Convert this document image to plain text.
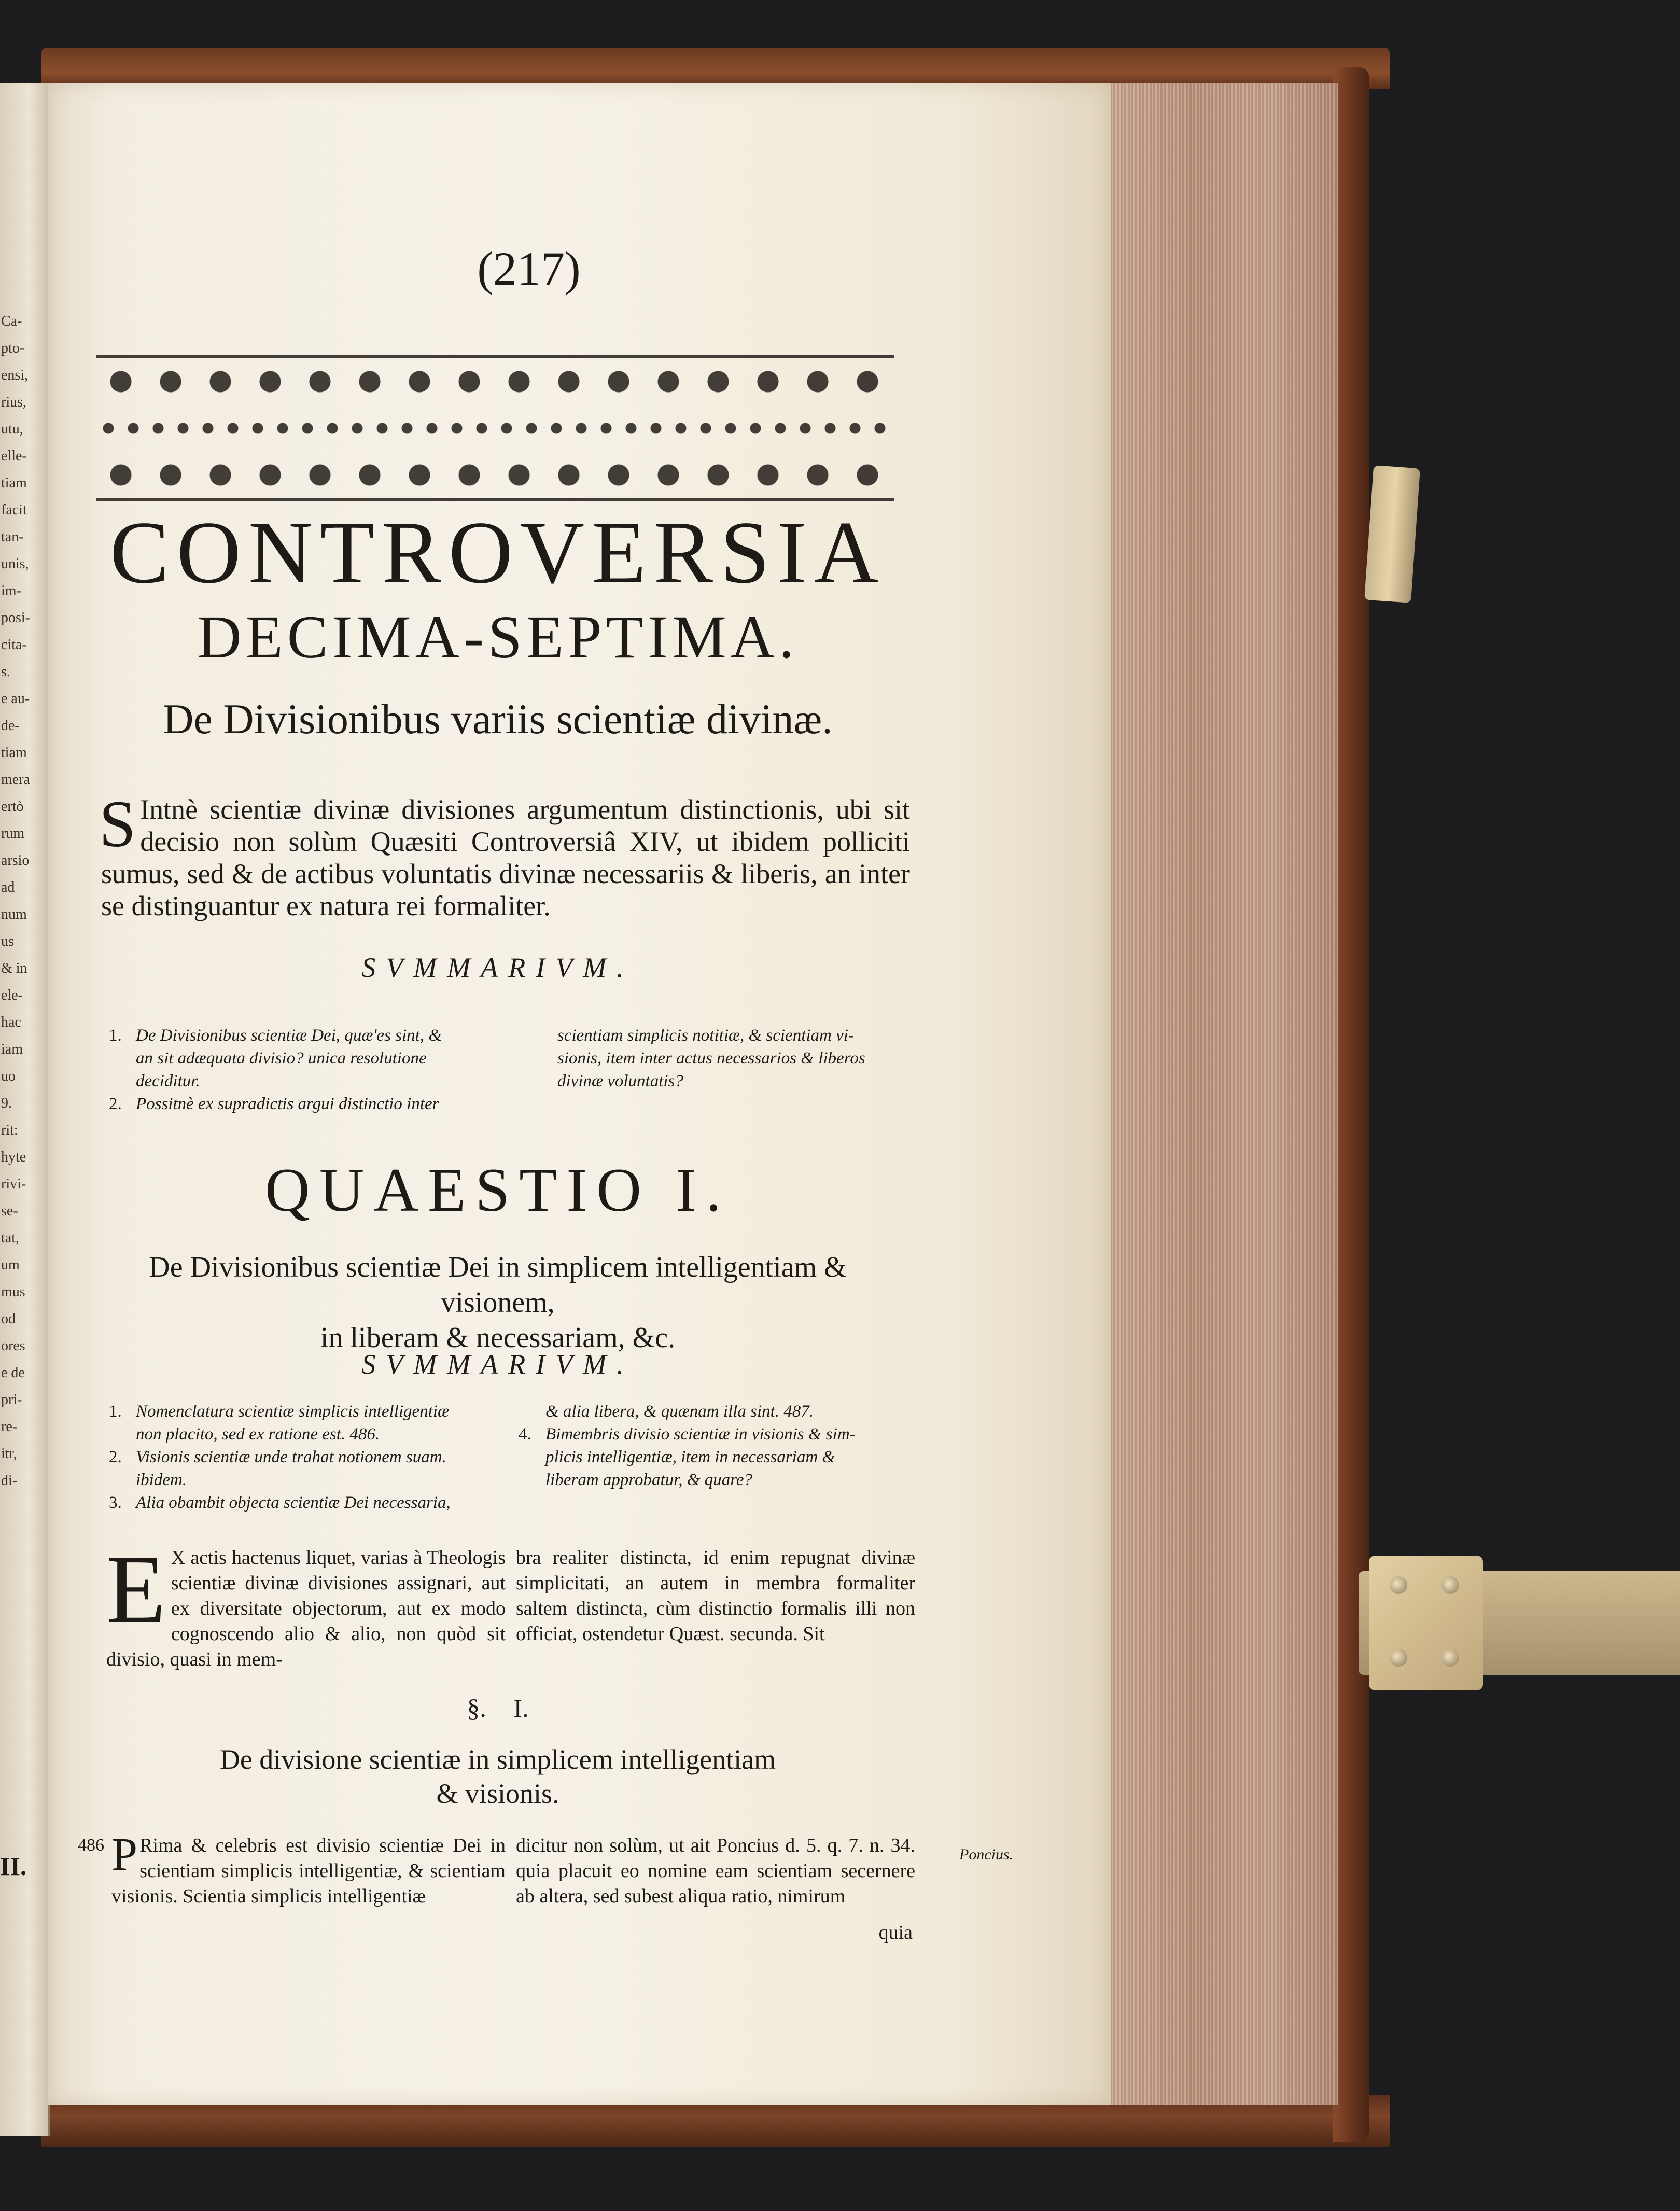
Ca-
pto-
ensi,
rius,
utu,
elle-
tiam
facit
tan-
unis,
im-
posi-
cita-
s.
e au-
de-
tiam
mera
ertò
rum
arsio
ad
num
us
& in
ele-
hac
iam
uo
9.
rit:
hyte
rivi-
se-
tat,
um
mus
od
ores
e de
pri-
re-
itr,
di-
II.
(217)
CONTROVERSIA
DECIMA-SEPTIMA.
De Divisionibus variis scientiæ divinæ.
S Intnè scientiæ divinæ divisiones argumentum distinctionis, ubi sit decisio non solùm Quæsiti Controversiâ XIV, ut ibidem polliciti sumus, sed & de actibus voluntatis divinæ necessariis & liberis, an inter se distinguantur ex natura rei formaliter.
SVMMARIVM.

1. De Divisionibus scientiæ Dei, quæ'es sint, &

an sit adæquata divisio? unica resolutione

deciditur.

2. Possitnè ex supradictis argui distinctio inter

scientiam simplicis notitiæ, & scientiam vi-

sionis, item inter actus necessarios & liberos

divinæ voluntatis?

QUAESTIO I.
De Divisionibus scientiæ Dei in simplicem intelligentiam & visionem,
in liberam & necessariam, &c.
SVMMARIVM.

1. Nomenclatura scientiæ simplicis intelligentiæ

non placito, sed ex ratione est. 486.

2. Visionis scientiæ unde trahat notionem suam.

ibidem.

3. Alia obambit objecta scientiæ Dei necessaria,

& alia libera, & quænam illa sint. 487.

4. Bimembris divisio scientiæ in visionis & sim-

plicis intelligentiæ, item in necessariam &

liberam approbatur, & quare?

E X actis hactenus liquet, varias à Theologis scientiæ divinæ divisiones assignari, aut ex diversitate objectorum, aut ex modo cognoscendo alio & alio, non quòd sit divisio, quasi in mem-
bra realiter distincta, id enim repugnat divinæ simplicitati, an autem in membra formaliter saltem distincta, cùm distinctio formalis illi non officiat, ostendetur Quæst. secunda. Sit
§. I.
De divisione scientiæ in simplicem intelligentiam
& visionis.
486 P Rima & celebris est divisio scientiæ Dei in scientiam simplicis intelligentiæ, & scientiam visionis. Scientia simplicis intelligentiæ
dicitur non solùm, ut ait Poncius d. 5. q. 7. n. 34. quia placuit eo nomine eam scientiam secernere ab altera, sed subest aliqua ratio, nimirum
Poncius.
quia
